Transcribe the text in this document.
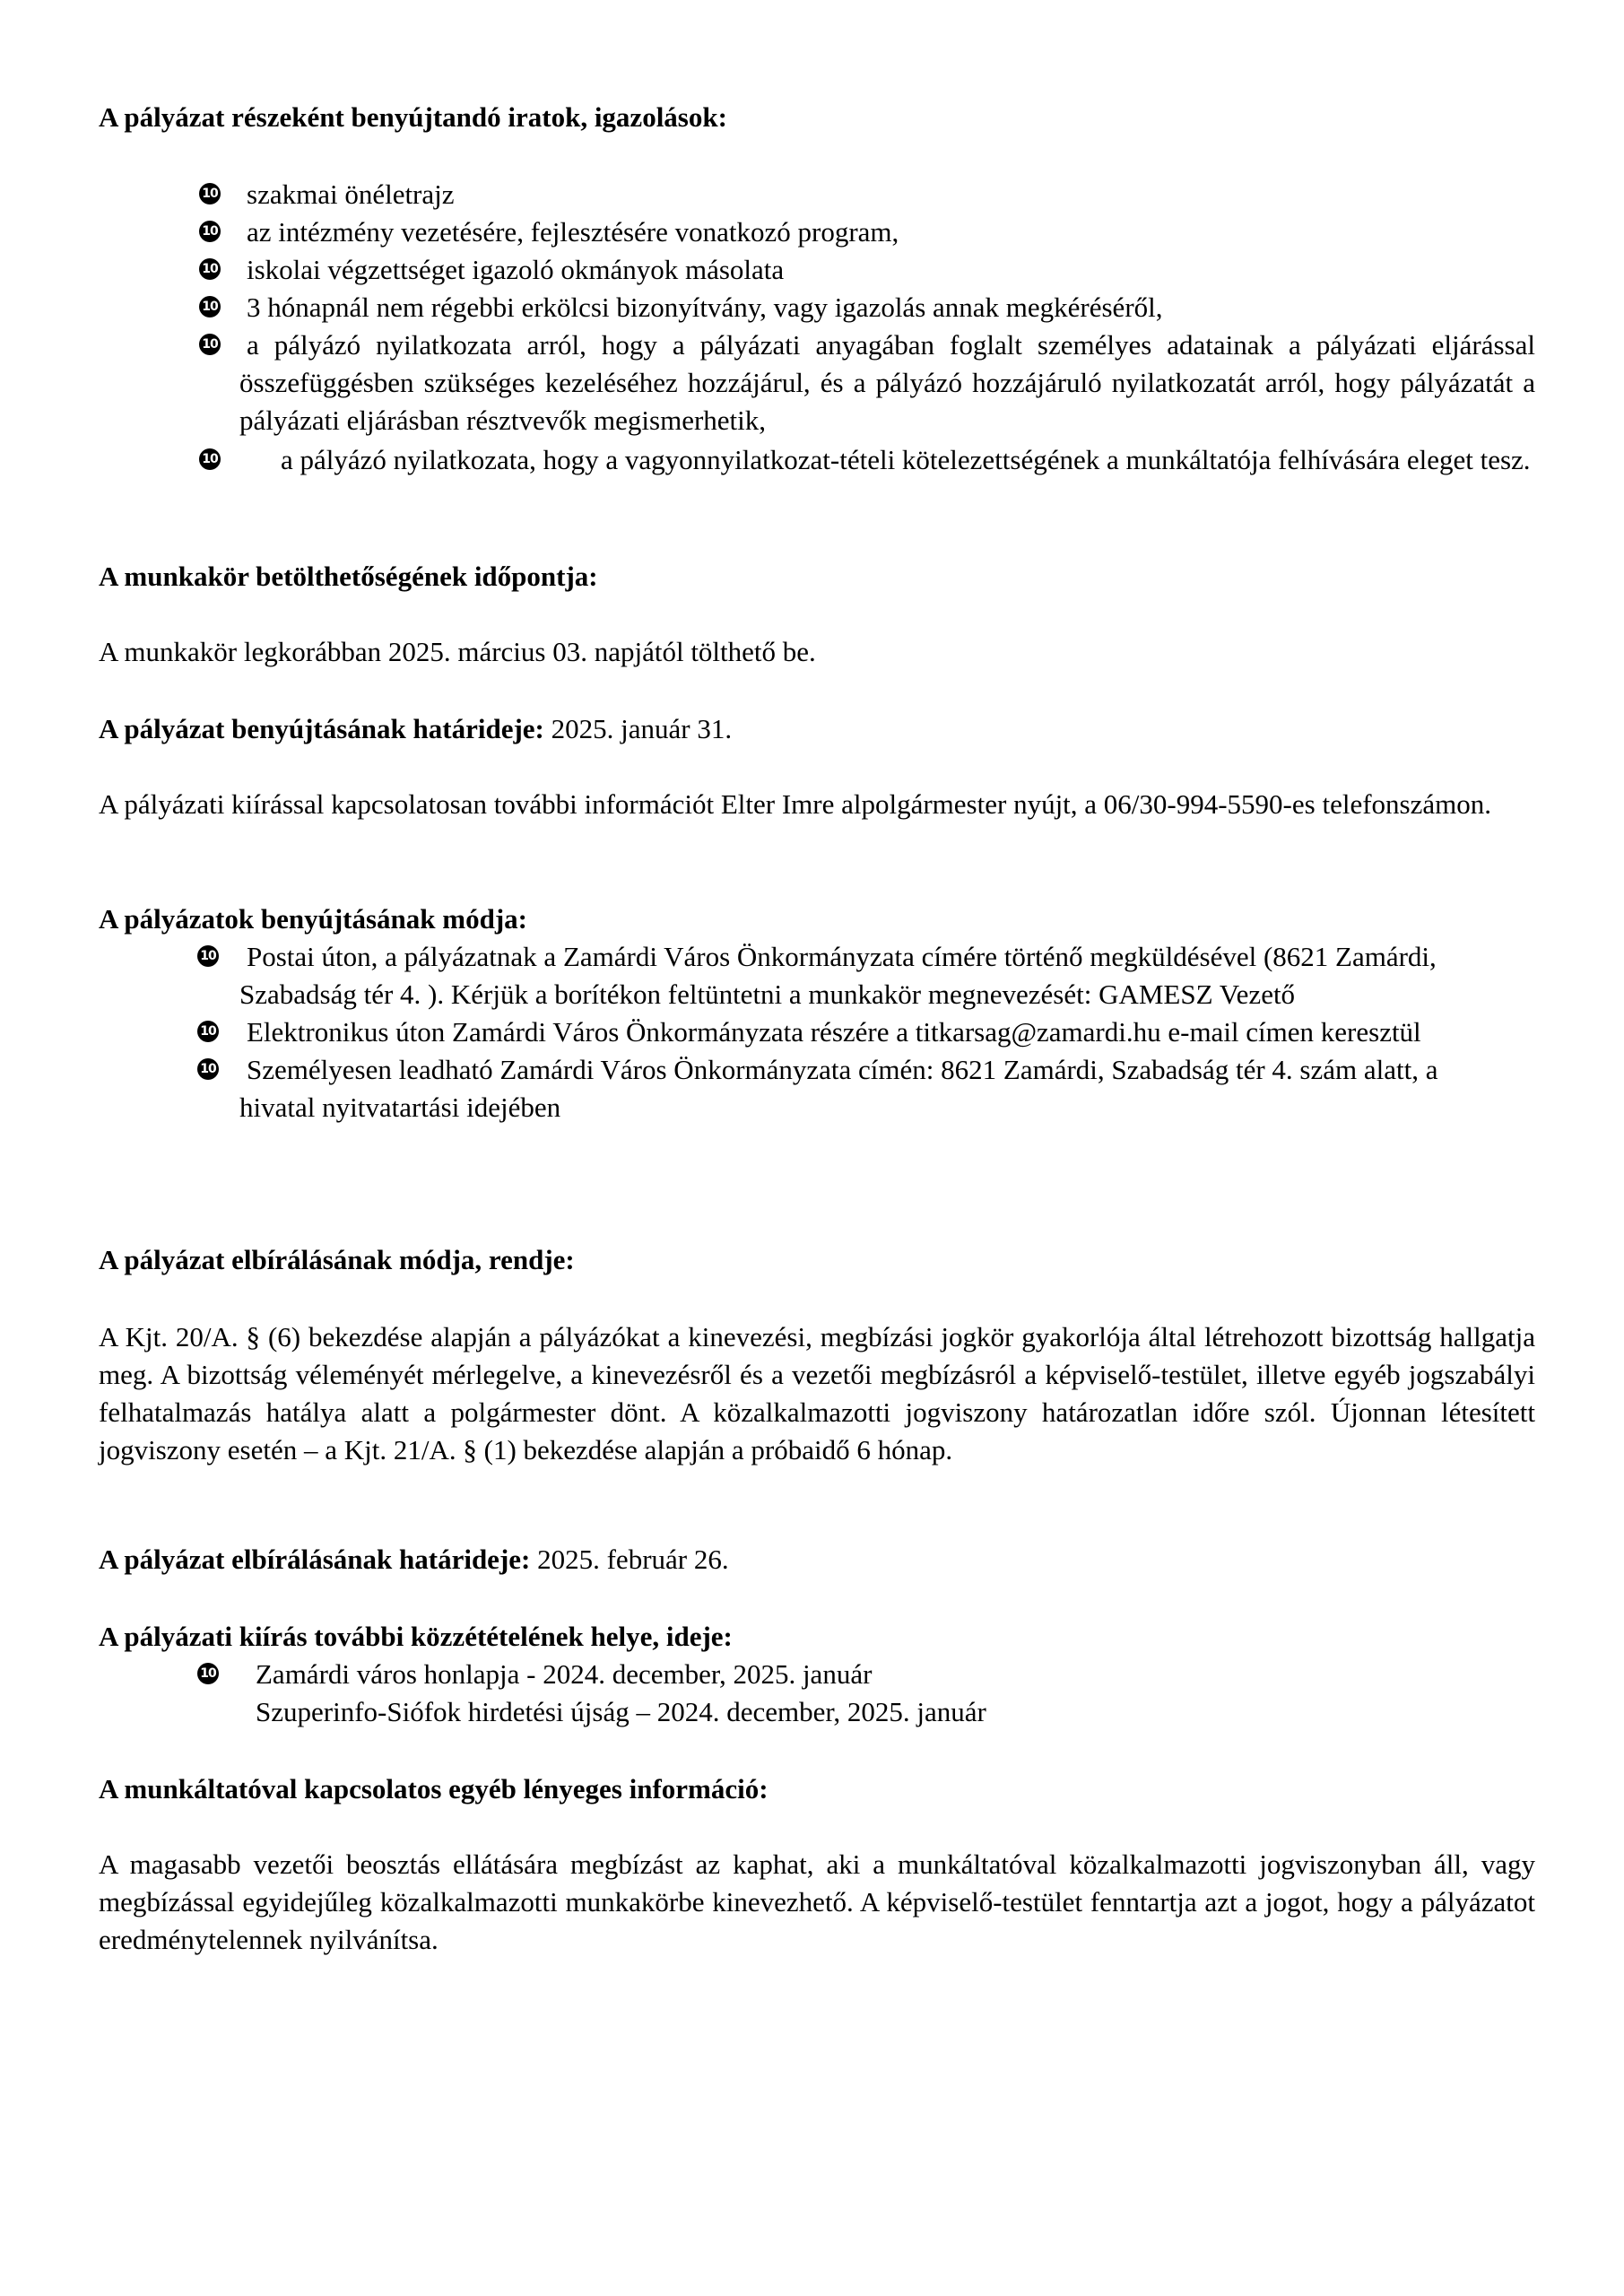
A pályázat részeként benyújtandó iratok, igazolások:
10 szakmai önéletrajz
10 az intézmény vezetésére, fejlesztésére vonatkozó program,
10 iskolai végzettséget igazoló okmányok másolata
10 3 hónapnál nem régebbi erkölcsi bizonyítvány, vagy igazolás annak megkéréséről,
10 a pályázó nyilatkozata arról, hogy a pályázati anyagában foglalt személyes adatainak a pályázati eljárással összefüggésben szükséges kezeléséhez hozzájárul, és a pályázó hozzájáruló nyilatkozatát arról, hogy pályázatát a pályázati eljárásban résztvevők megismerhetik,
10	a pályázó nyilatkozata, hogy a vagyonnyilatkozat-tételi kötelezettségének a munkáltatója felhívására eleget tesz.
A munkakör betölthetőségének időpontja:
A munkakör legkorábban 2025. március 03. napjától tölthető be.
A pályázat benyújtásának határideje: 2025. január 31.
A pályázati kiírással kapcsolatosan további információt Elter Imre alpolgármester nyújt, a 06/30-994-5590-es telefonszámon.
A pályázatok benyújtásának módja:
10 Postai úton, a pályázatnak a Zamárdi Város Önkormányzata címére történő megküldésével (8621 Zamárdi, Szabadság tér 4. ). Kérjük a borítékon feltüntetni a munkakör megnevezését: GAMESZ Vezető
10 Elektronikus úton Zamárdi Város Önkormányzata részére a titkarsag@zamardi.hu e-mail címen keresztül
10 Személyesen leadható Zamárdi Város Önkormányzata címén: 8621 Zamárdi, Szabadság tér 4. szám alatt, a hivatal nyitvatartási idejében
A pályázat elbírálásának módja, rendje:
A Kjt. 20/A. § (6) bekezdése alapján a pályázókat a kinevezési, megbízási jogkör gyakorlója által létrehozott bizottság hallgatja meg. A bizottság véleményét mérlegelve, a kinevezésről és a vezetői megbízásról a képviselő-testület, illetve egyéb jogszabályi felhatalmazás hatálya alatt a polgármester dönt. A közalkalmazotti jogviszony határozatlan időre szól. Újonnan létesített jogviszony esetén – a Kjt. 21/A. § (1) bekezdése alapján a próbaidő 6 hónap.
A pályázat elbírálásának határideje: 2025. február 26.
A pályázati kiírás további közzétételének helye, ideje:
10	Zamárdi város honlapja - 2024. december, 2025. január
Szuperinfo-Siófok hirdetési újság – 2024. december, 2025. január
A munkáltatóval kapcsolatos egyéb lényeges információ:
A magasabb vezetői beosztás ellátására megbízást az kaphat, aki a munkáltatóval közalkalmazotti jogviszonyban áll, vagy megbízással egyidejűleg közalkalmazotti munkakörbe kinevezhető. A képviselő-testület fenntartja azt a jogot, hogy a pályázatot eredménytelennek nyilvánítsa.
